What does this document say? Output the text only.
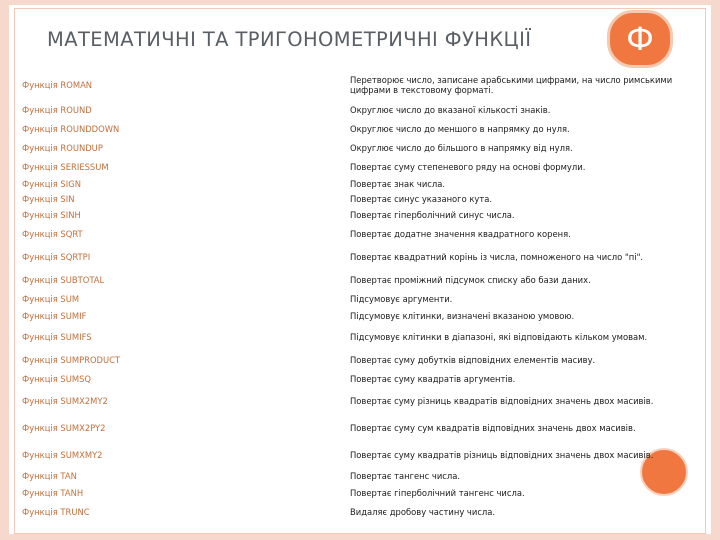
МАТЕМАТИЧНІ ТА ТРИГОНОМЕТРИЧНІ ФУНКЦІЇ	Ф
Функція ROMAN	Перетворює число, записане арабськими цифрами, на число римськими цифрами в текстовому форматі.
Функція ROUND	Округлює число до вказаної кількості знаків.
Функція ROUNDDOWN	Округлює число до меншого в напрямку до нуля.
Функція ROUNDUP	Округлює число до більшого в напрямку від нуля.
Функція SERIESSUM	Повертає суму степеневого ряду на основі формули.
Функція SIGN	Повертає знак числа.
Функція SIN	Повертає синус указаного кута.
Функція SINH	Повертає гіперболічний синус числа.
Функція SQRT	Повертає додатне значення квадратного кореня.
Функція SQRTPI	Повертає квадратний корінь із числа, помноженого на число "пі".
Функція SUBTOTAL	Повертає проміжний підсумок списку або бази даних.
Функція SUM	Підсумовує аргументи.
Функція SUMIF	Підсумовує клітинки, визначені вказаною умовою.
Функція SUMIFS	Підсумовує клітинки в діапазоні, які відповідають кільком умовам.
Функція SUMPRODUCT	Повертає суму добутків відповідних елементів масиву.
Функція SUMSQ	Повертає суму квадратів аргументів.
Функція SUMX2MY2	Повертає суму різниць квадратів відповідних значень двох масивів.
Функція SUMX2PY2	Повертає суму сум квадратів відповідних значень двох масивів.
Функція SUMXMY2	Повертає суму квадратів різниць відповідних значень двох масивів.
Функція TAN	Повертає тангенс числа.
Функція TANH	Повертає гіперболічний тангенс числа.
Функція TRUNC	Видаляє дробову частину числа.
